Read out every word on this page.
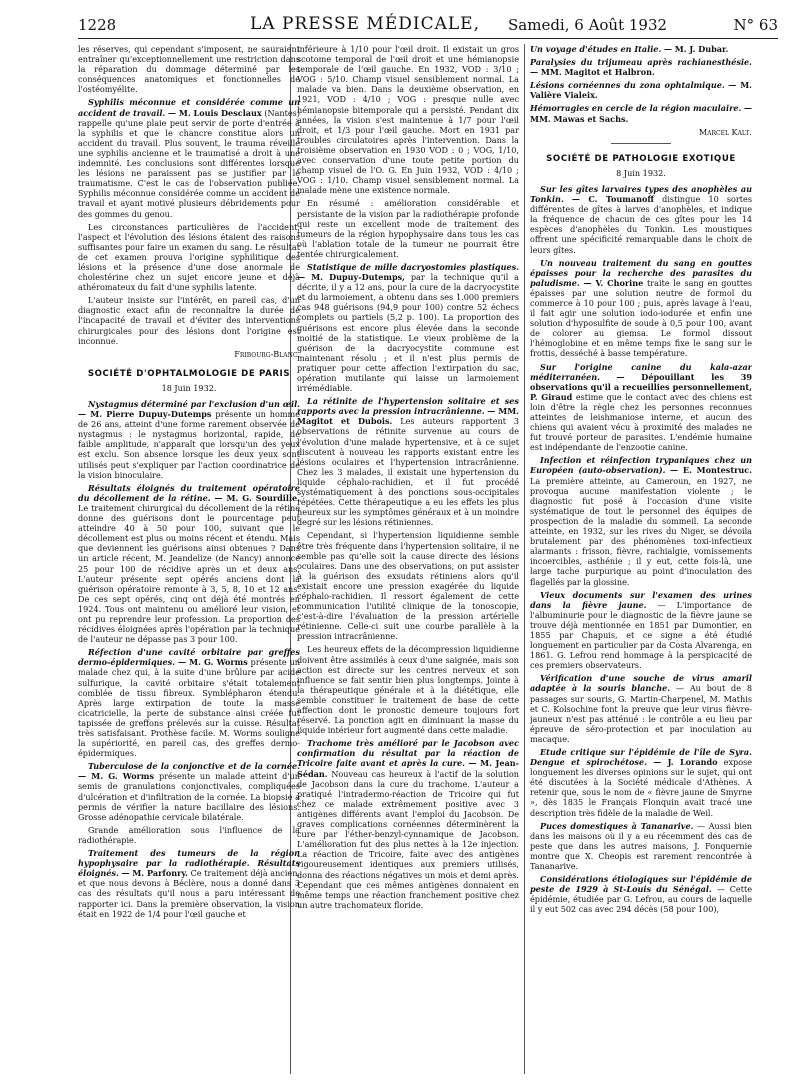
1228	LA PRESSE MÉDICALE, Samedi, 6 Août 1932	N° 63

les réserves, qui cependant s'imposent, ne sauraient entraîner qu'exceptionnellement une restriction dans la réparation du dommage déterminé par les conséquences anatomiques et fonctionnelles de l'ostéomyélite.

Syphilis méconnue et considérée comme un accident de travail. — M. Louis Desclaux (Nantes) rappelle qu'une plaie peut servir de porte d'entrée à la syphilis et que le chancre constitue alors un accident du travail. Plus souvent, le trauma réveille une syphilis ancienne et le traumatisé a droit à une indemnité. Les conclusions sont différentes lorsque les lésions ne paraissent pas se justifier par le traumatisme. C'est le cas de l'observation publiée. Syphilis méconnue considérée comme un accident de travail et ayant motivé plusieurs débridements pour des gommes du genou.

Les circonstances particulières de l'accident, l'aspect et l'évolution des lésions étaient des raisons suffisantes pour faire un examen du sang. Le résultat de cet examen prouva l'origine syphilitique des lésions et la présence d'une dose anormale de cholestérine chez un sujet encore jeune et déjà athéromateux du fait d'une syphilis latente.

L'auteur insiste sur l'intérêt, en pareil cas, d'un diagnostic exact afin de reconnaître la durée de l'incapacité de travail et d'éviter des interventions chirurgicales pour des lésions dont l'origine est inconnue.

Fribourg-Blanc.
SOCIÉTÉ D'OPHTALMOLOGIE DE PARIS
18 Juin 1932.

Nystagmus déterminé par l'exclusion d'un œil. — M. Pierre Dupuy-Dutemps présente un homme de 26 ans, atteint d'une forme rarement observée de nystagmus : le nystagmus horizontal, rapide, de faible amplitude, n'apparaît que lorsqu'un des yeux est exclu. Son absence lorsque les deux yeux sont utilisés peut s'expliquer par l'action coordinatrice de la vision binoculaire.

Résultats éloignés du traitement opératoire du décollement de la rétine. — M. G. Sourdille. Le traitement chirurgical du décollement de la rétine donne des guérisons dont le pourcentage peut atteindre 40 à 50 pour 100, suivant que le décollement est plus ou moins récent et étendu. Mais que deviennent les guérisons ainsi obtenues ? Dans un article récent, M. Jeandelize (de Nancy) annonce 25 pour 100 de récidive après un et deux ans. L'auteur présente sept opérés anciens dont la guérison opératoire remonte à 3, 5, 8, 10 et 12 ans. De ces sept opérés, cinq ont déjà été montrés en 1924. Tous ont maintenu ou amélioré leur vision, et ont pu reprendre leur profession. La proportion des récidives éloignées après l'opération par la technique de l'auteur ne dépasse pas 3 pour 100.

Réfection d'une cavité orbitaire par greffes dermo-épidermiques. — M. G. Worms présente un malade chez qui, à la suite d'une brûlure par acide sulfurique, la cavité orbitaire s'était totalement comblée de tissu fibreux. Symblépharon étendu. Après large extirpation de toute la masse cicatricielle, la perte de substance ainsi créée fut tapissée de greffons prélevés sur la cuisse. Résultat très satisfaisant. Prothèse facile. M. Worms souligne la supériorité, en pareil cas, des greffes dermo-épidermiques.

Tuberculose de la conjonctive et de la cornée. — M. G. Worms présente un malade atteint d'un semis de granulations conjonctivales, compliquées d'ulcération et d'infiltration de la cornée. La biopsie a permis de vérifier la nature bacillaire des lésions. Grosse adénopathie cervicale bilatérale.

Grande amélioration sous l'influence de la radiothérapie.

Traitement des tumeurs de la région hypophysaire par la radiothérapie. Résultats éloignés. — M. Parfonry. Ce traitement déjà ancien, et que nous devons à Béclère, nous a donné dans 3 cas des résultats qu'il nous a paru intéressant de rapporter ici. Dans la première observation, la vision était en 1922 de 1/4 pour l'œil gauche et

inférieure à 1/10 pour l'œil droit. Il existait un gros scotome temporal de l'œil droit et une hémianopsie temporale de l'œil gauche. En 1932, VOD : 3/10 ; VOG : 5/10. Champ visuel sensiblement normal. La malade va bien. Dans la deuxième observation, en 1921, VOD : 4/10 ; VOG : presque nulle avec hémianopsie bitemporale qui a persisté. Pendant dix années, la vision s'est maintenue à 1/7 pour l'œil droit, et 1/3 pour l'œil gauche. Mort en 1931 par troubles circulatoires après l'intervention. Dans la troisième observation en 1930 VOD : 0 ; VOG, 1/10, avec conservation d'une toute petite portion du champ visuel de l'O. G. En Juin 1932, VOD : 4/10 ; VOG : 1/10. Champ visuel sensiblement normal. La malade mène une existence normale.

En résumé : amélioration considérable et persistante de la vision par la radiothérapie profonde qui reste un excellent mode de traitement des tumeurs de la région hypophysaire dans tous les cas où l'ablation totale de la tumeur ne pourrait être tentée chirurgicalement.

Statistique de mille dacryostomies plastiques. — M. Dupuy-Dutemps, par la technique qu'il a décrite, il y a 12 ans, pour la cure de la dacryocystite et du larmoiement, a obtenu dans ses 1.000 premiers cas 948 guérisons (94,9 pour 100) contre 52 échecs complets ou partiels (5,2 p. 100). La proportion des guérisons est encore plus élevée dans la seconde moitié de la statistique. Le vieux problème de la guérison de la dacryocystite commune est maintenant résolu ; et il n'est plus permis de pratiquer pour cette affection l'extirpation du sac, opération mutilante qui laisse un larmoiement irrémédiable.

La rétinite de l'hypertension solitaire et ses rapports avec la pression intracrânienne. — MM. Magitot et Dubois. Les auteurs rapportent 3 observations de rétinite survenue au cours de l'évolution d'une malade hypertensive, et à ce sujet discutent à nouveau les rapports existant entre les lésions oculaires et l'hypertension intracrânienne. Chez les 3 malades, il existait une hypertension du liquide céphalo-rachidien, et il fut procédé systématiquement à des ponctions sous-occipitales répétées. Cette thérapeutique a eu les effets les plus heureux sur les symptômes généraux et à un moindre degré sur les lésions rétiniennes.

Cependant, si l'hypertension liquidienne semble être très fréquente dans l'hypertension solitaire, il ne semble pas qu'elle soit la cause directe des lésions oculaires. Dans une des observations, on put assister à la guérison des exsudats rétiniens alors qu'il existait encore une pression exagérée du liquide céphalo-rachidien. Il ressort également de cette communication l'utilité clinique de la tonoscopie, c'est-à-dire l'évaluation de la pression artérielle rétinienne. Celle-ci suit une courbe parallèle à la pression intracrânienne.

Les heureux effets de la décompression liquidienne doivent être assimilés à ceux d'une saignée, mais son action est directe sur les centres nerveux et son influence se fait sentir bien plus longtemps. Jointe à la thérapeutique générale et à la diététique, elle semble constituer le traitement de base de cette affection dont le pronostic demeure toujours fort réservé. La ponction agit en diminuant la masse du liquide intérieur fort augmenté dans cette maladie.

Trachome très amélioré par le Jacobson avec confirmation du résultat par la réaction de Tricoire faite avant et après la cure. — M. Jean-Sédan. Nouveau cas heureux à l'actif de la solution de Jacobson dans la cure du trachome. L'auteur a pratiqué l'intradermo-réaction de Tricoire qui fut chez ce malade extrêmement positive avec 3 antigènes différents avant l'emploi du Jacobson. De graves complications cornéennes déterminèrent la cure par l'éther-benzyl-cynnamique de Jacobson. L'amélioration fut des plus nettes à la 12e injection. La réaction de Tricoire, faite avec des antigènes rigoureusement identiques aux premiers utilisés, donna des réactions négatives un mois et demi après. Cependant que ces mêmes antigènes donnaient en même temps une réaction franchement positive chez un autre trachomateux floride.

Un voyage d'études en Italie. — M. J. Dubar.

Paralysies du trijumeau après rachianesthésie. — MM. Magitot et Halbron.

Lésions cornéennes du zona ophtalmique. — M. Valière Vialeix.

Hémorragies en cercle de la région maculaire. — MM. Mawas et Sachs.

Marcel Kalt.
SOCIÉTÉ DE PATHOLOGIE EXOTIQUE
8 Juin 1932.

Sur les gîtes larvaires types des anophèles au Tonkin. — C. Toumanoff distingue 10 sortes différentes de gîtes à larves d'anophèles, et indique la fréquence de chacun de ces gîtes pour les 14 espèces d'anophèles du Tonkin. Les moustiques offrent une spécificité remarquable dans le choix de leurs gîtes.

Un nouveau traitement du sang en gouttes épaisses pour la recherche des parasites du paludisme. — V. Chorine traite le sang en gouttes épaisses par une solution neutre de formol du commerce à 10 pour 100 ; puis, après lavage à l'eau, il fait agir une solution iodo-iodurée et enfin une solution d'hyposulfite de soude à 0,5 pour 100, avant de colorer au giemsa. Le formol dissout l'hémoglobine et en même temps fixe le sang sur le frottis, desséché à basse température.

Sur l'origine canine du kala-azar méditerranéen. — Dépouillant les 39 observations qu'il a recueillies personnellement, P. Giraud estime que le contact avec des chiens est loin d'être la règle chez les personnes reconnues atteintes de leishmaniose interne, et aucun des chiens qui avaient vécu à proximité des malades ne fut trouvé porteur de parasites. L'endémie humaine est indépendante de l'enzootie canine.

Infection et réinfection trypaniques chez un Européen (auto-observation). — E. Montestruc. La première atteinte, au Cameroun, en 1927, ne provoqua aucune manifestation violente ; le diagnostic fut posé à l'occasion d'une visite systématique de tout le personnel des équipes de prospection de la maladie du sommeil. La seconde atteinte, en 1932, sur les rives du Niger, se dévoila brutalement par des phénomènes toxi-infectieux alarmants : frisson, fièvre, rachialgie, vomissements incoercibles, asthénie ; il y eut, cette fois-là, une large tache purpurique au point d'inoculation des flagellés par la glossine.

Vieux documents sur l'examen des urines dans la fièvre jaune. — L'importance de l'albuminurie pour le diagnostic de la fièvre jaune se trouve déjà mentionnée en 1851 par Dumontier, en 1855 par Chapuis, et ce signe a été étudié longuement en particulier par da Costa Alvarenga, en 1861. G. Lefrou rend hommage à la perspicacité de ces premiers observateurs.

Vérification d'une souche de virus amaril adaptée à la souris blanche. — Au bout de 8 passages sur souris, G. Martin-Charpenel, M. Mathis et C. Kolsochine font la preuve que leur virus fièvre-jauneux n'est pas atténué : le contrôle a eu lieu par épreuve de séro-protection et par inoculation au macaque.

Etude critique sur l'épidémie de l'île de Syra. Dengue et spirochétose. — J. Lorando expose longuement les diverses opinions sur le sujet, qui ont été discutées à la Société médicale d'Athènes. A retenir que, sous le nom de « fièvre jaune de Smyrne », dès 1835 le Français Flonquin avait tracé une description très fidèle de la maladie de Weil.

Puces domestiques à Tananarive. — Aussi bien dans les maisons où il y a eu récemment des cas de peste que dans les autres maisons, J. Fonquernie montre que X. Cheopis est rarement rencontrée à Tananarive.

Considérations étiologiques sur l'épidémie de peste de 1929 à St-Louis du Sénégal. — Cette épidémie, étudiée par G. Lefrou, au cours de laquelle il y eut 502 cas avec 294 décès (58 pour 100),
